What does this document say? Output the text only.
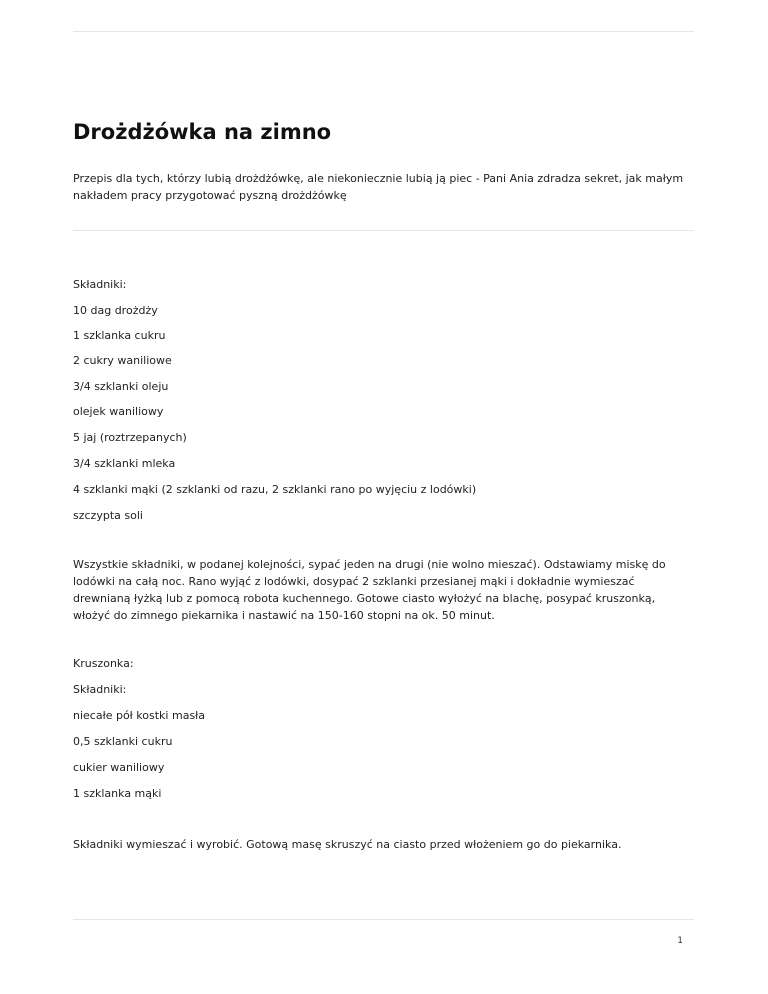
Drożdżówka na zimno

Przepis dla tych, którzy lubią drożdżówkę, ale niekoniecznie lubią ją piec - Pani Ania zdradza sekret, jak małym nakładem pracy przygotować pyszną drożdżówkę

Składniki:

10 dag drożdży

1 szklanka cukru

2 cukry waniliowe

3/4 szklanki oleju

olejek waniliowy

5 jaj (roztrzepanych)

3/4 szklanki mleka

4 szklanki mąki (2 szklanki od razu, 2 szklanki rano po wyjęciu z lodówki)

szczypta soli

Wszystkie składniki, w podanej kolejności, sypać jeden na drugi (nie wolno mieszać). Odstawiamy miskę do lodówki na całą noc. Rano wyjąć z lodówki, dosypać 2 szklanki przesianej mąki i dokładnie wymieszać drewnianą łyżką lub z pomocą robota kuchennego. Gotowe ciasto wyłożyć na blachę, posypać kruszonką, włożyć do zimnego piekarnika i nastawić na 150-160 stopni na ok. 50 minut.

Kruszonka:

Składniki:

niecałe pół kostki masła

0,5 szklanki cukru

cukier waniliowy

1 szklanka mąki

Składniki wymieszać i wyrobić. Gotową masę skruszyć na ciasto przed włożeniem go do piekarnika.

1
